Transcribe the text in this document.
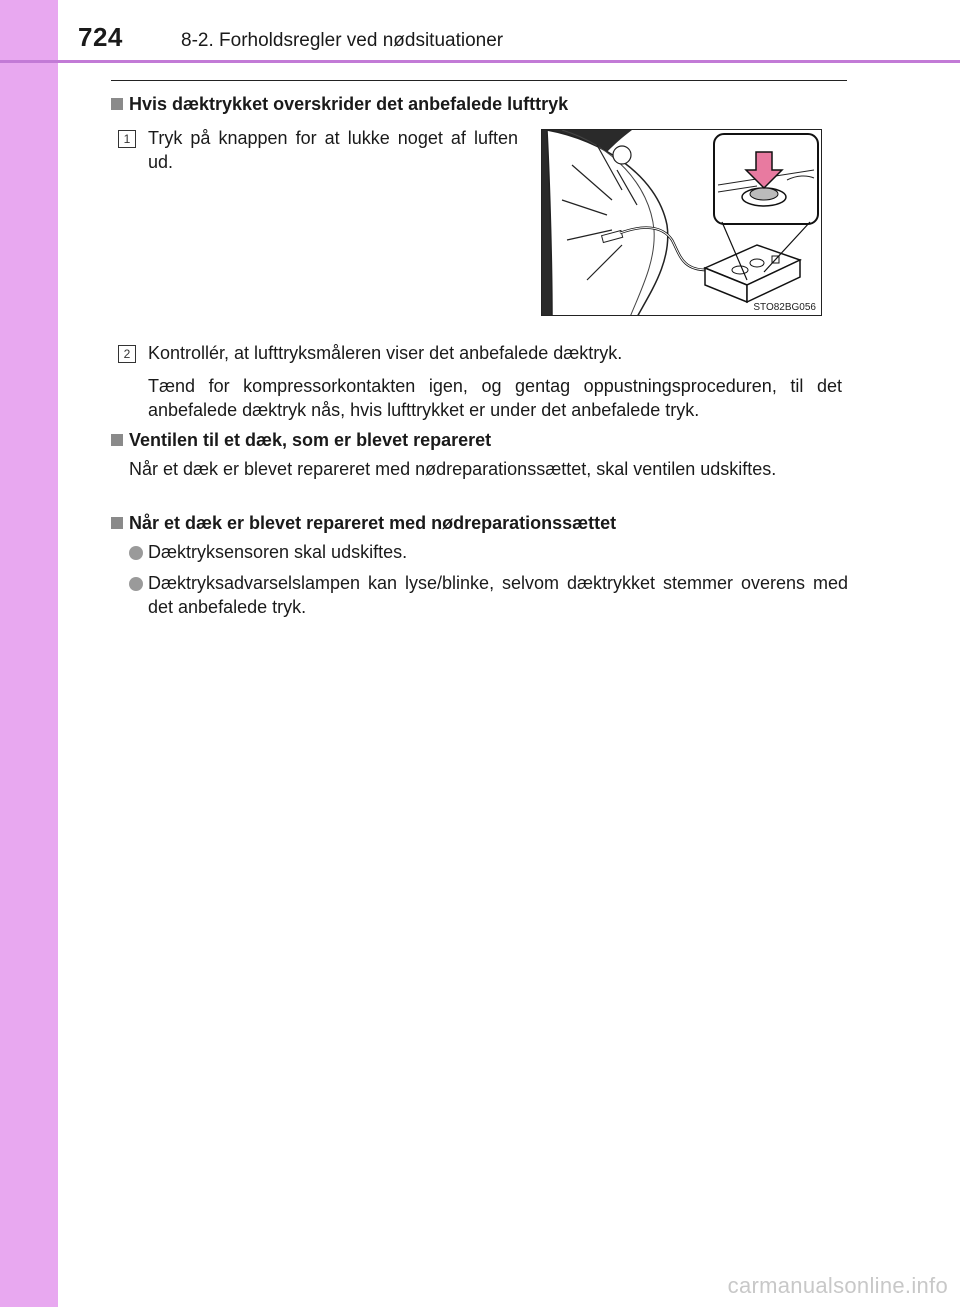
724	8-2. Forholdsregler ved nødsituationer
Hvis dæktrykket overskrider det anbefalede lufttryk
1 Tryk på knappen for at lukke noget af luften ud.
STO82BG056
2 Kontrollér, at lufttryksmåleren viser det anbefalede dæktryk.
Tænd for kompressorkontakten igen, og gentag oppustningsproceduren, til det anbefalede dæktryk nås, hvis lufttrykket er under det anbefalede tryk.
Ventilen til et dæk, som er blevet repareret
Når et dæk er blevet repareret med nødreparationssættet, skal ventilen udskiftes.
Når et dæk er blevet repareret med nødreparationssættet
Dæktryksensoren skal udskiftes.
Dæktryksadvarselslampen kan lyse/blinke, selvom dæktrykket stemmer overens med det anbefalede tryk.
carmanualsonline.info
